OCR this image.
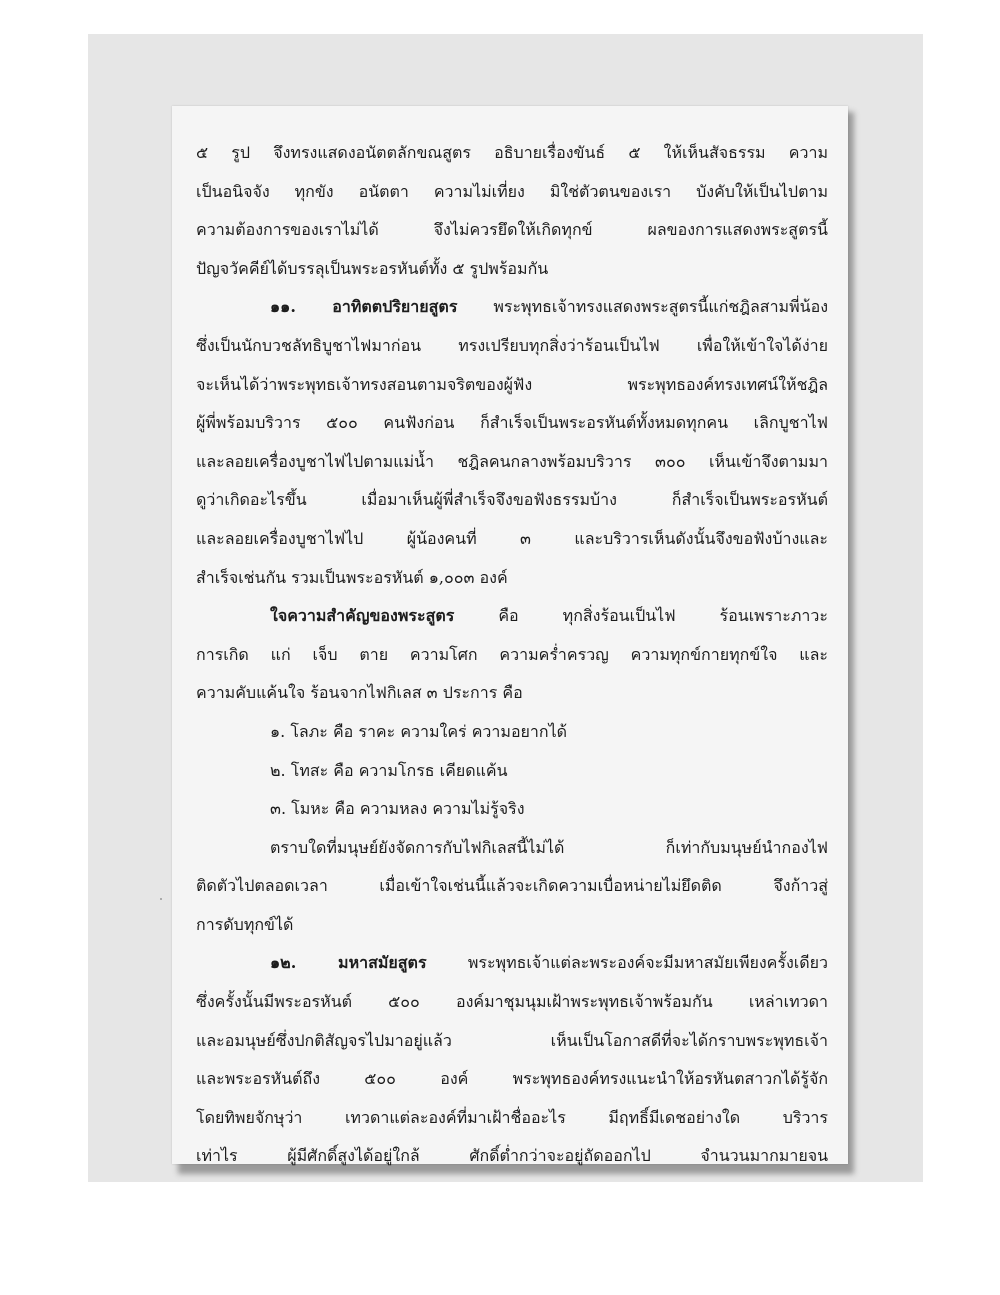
๕ รูป จึงทรงแสดงอนัตตลักขณสูตร อธิบายเรื่องขันธ์ ๕ ให้เห็นสัจธรรม ความ
เป็นอนิจจัง ทุกขัง อนัตตา ความไม่เที่ยง มิใช่ตัวตนของเรา บังคับให้เป็นไปตาม
ความต้องการของเราไม่ได้ จึงไม่ควรยึดให้เกิดทุกข์ ผลของการแสดงพระสูตรนี้
ปัญจวัคคีย์ได้บรรลุเป็นพระอรหันต์ทั้ง ๕ รูปพร้อมกัน
๑๑. อาทิตตปริยายสูตร พระพุทธเจ้าทรงแสดงพระสูตรนี้แก่ชฎิลสามพี่น้อง
ซึ่งเป็นนักบวชลัทธิบูชาไฟมาก่อน ทรงเปรียบทุกสิ่งว่าร้อนเป็นไฟ เพื่อให้เข้าใจได้ง่าย
จะเห็นได้ว่าพระพุทธเจ้าทรงสอนตามจริตของผู้ฟัง พระพุทธองค์ทรงเทศน์ให้ชฎิล
ผู้พี่พร้อมบริวาร ๕๐๐ คนฟังก่อน ก็สำเร็จเป็นพระอรหันต์ทั้งหมดทุกคน เลิกบูชาไฟ
และลอยเครื่องบูชาไฟไปตามแม่น้ำ ชฎิลคนกลางพร้อมบริวาร ๓๐๐ เห็นเข้าจึงตามมา
ดูว่าเกิดอะไรขึ้น เมื่อมาเห็นผู้พี่สำเร็จจึงขอฟังธรรมบ้าง ก็สำเร็จเป็นพระอรหันต์
และลอยเครื่องบูชาไฟไป ผู้น้องคนที่ ๓ และบริวารเห็นดังนั้นจึงขอฟังบ้างและ
สำเร็จเช่นกัน รวมเป็นพระอรหันต์ ๑,๐๐๓ องค์
ใจความสำคัญของพระสูตร คือ ทุกสิ่งร้อนเป็นไฟ ร้อนเพราะภาวะ
การเกิด แก่ เจ็บ ตาย ความโศก ความคร่ำครวญ ความทุกข์กายทุกข์ใจ และ
ความคับแค้นใจ ร้อนจากไฟกิเลส ๓ ประการ คือ
๑. โลภะ คือ ราคะ ความใคร่ ความอยากได้
๒. โทสะ คือ ความโกรธ เคียดแค้น
๓. โมหะ คือ ความหลง ความไม่รู้จริง
ตราบใดที่มนุษย์ยังจัดการกับไฟกิเลสนี้ไม่ได้ ก็เท่ากับมนุษย์นำกองไฟ
ติดตัวไปตลอดเวลา เมื่อเข้าใจเช่นนี้แล้วจะเกิดความเบื่อหน่ายไม่ยึดติด จึงก้าวสู่
การดับทุกข์ได้
๑๒. มหาสมัยสูตร พระพุทธเจ้าแต่ละพระองค์จะมีมหาสมัยเพียงครั้งเดียว
ซึ่งครั้งนั้นมีพระอรหันต์ ๕๐๐ องค์มาชุมนุมเฝ้าพระพุทธเจ้าพร้อมกัน เหล่าเทวดา
และอมนุษย์ซึ่งปกติสัญจรไปมาอยู่แล้ว เห็นเป็นโอกาสดีที่จะได้กราบพระพุทธเจ้า
และพระอรหันต์ถึง ๕๐๐ องค์ พระพุทธองค์ทรงแนะนำให้อรหันตสาวกได้รู้จัก
โดยทิพยจักษุว่า เทวดาแต่ละองค์ที่มาเฝ้าชื่ออะไร มีฤทธิ์มีเดชอย่างใด บริวาร
เท่าไร ผู้มีศักดิ์สูงได้อยู่ใกล้ ศักดิ์ต่ำกว่าจะอยู่ถัดออกไป จำนวนมากมายจน
